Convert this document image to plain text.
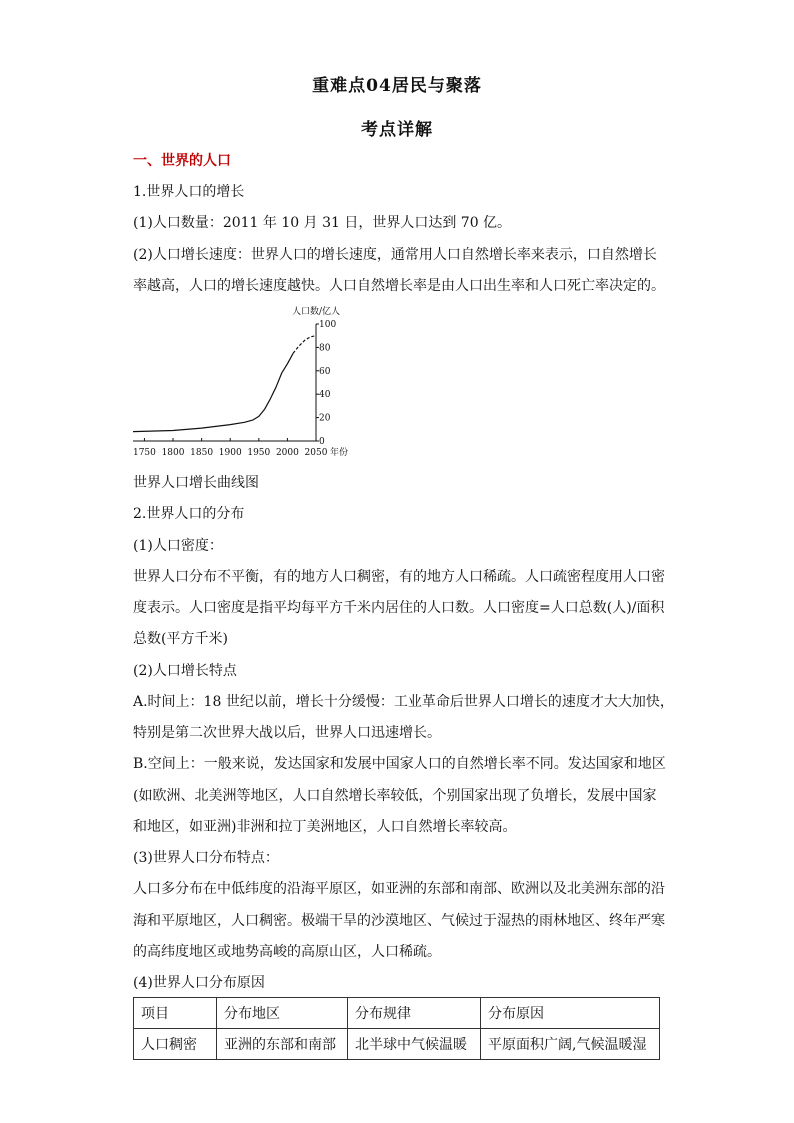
重难点04居民与聚落
考点详解
一、世界的人口
1.世界人口的增长
(1)人口数量：2011 年 10 月 31 日，世界人口达到 70 亿。
(2)人口增长速度：世界人口的增长速度，通常用人口自然增长率来表示，口自然增长
率越高，人口的增长速度越快。人口自然增长率是由人口出生率和人口死亡率决定的。
0
20
40
60
80
100
1750 1800 1850 1900 1950 2000 2050 年份
人口数/亿人
世界人口增长曲线图
2.世界人口的分布
(1)人口密度：
世界人口分布不平衡，有的地方人口稠密，有的地方人口稀疏。人口疏密程度用人口密
度表示。人口密度是指平均每平方千米内居住的人口数。人口密度=人口总数(人)/面积
总数(平方千米)
(2)人口增长特点
A.时间上：18 世纪以前，增长十分缓慢：工业革命后世界人口增长的速度才大大加快，
特别是第二次世界大战以后，世界人口迅速增长。
B.空间上：一般来说，发达国家和发展中国家人口的自然增长率不同。发达国家和地区
(如欧洲、北美洲等地区，人口自然增长率较低，个别国家出现了负增长，发展中国家
和地区，如亚洲)非洲和拉丁美洲地区，人口自然增长率较高。
(3)世界人口分布特点：
人口多分布在中低纬度的沿海平原区，如亚洲的东部和南部、欧洲以及北美洲东部的沿
海和平原地区，人口稠密。极端干旱的沙漠地区、气候过于湿热的雨林地区、终年严寒
的高纬度地区或地势高峻的高原山区，人口稀疏。
(4)世界人口分布原因
项目	分布地区	分布规律	分布原因
人口稠密	亚洲的东部和南部	北半球中气候温暖	平原面积广阔,气候温暖湿
